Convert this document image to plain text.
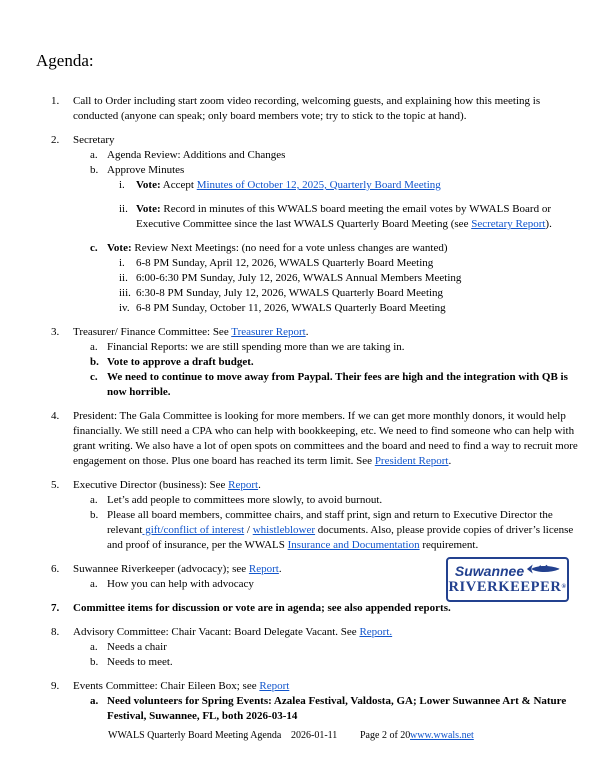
Agenda:
1.	Call to Order including start zoom video recording, welcoming guests, and explaining how this meeting is conducted (anyone can speak; only board members vote; try to stick to the topic at hand).
2.	Secretary
a. Agenda Review: Additions and Changes
b. Approve Minutes
i.	Vote: Accept Minutes of October 12, 2025, Quarterly Board Meeting
ii. Vote: Record in minutes of this WWALS board meeting the email votes by WWALS Board or Executive Committee since the last WWALS Quarterly Board Meeting (see Secretary Report).
c. Vote: Review Next Meetings: (no need for a vote unless changes are wanted)
i.	6-8 PM Sunday, April 12, 2026, WWALS Quarterly Board Meeting
ii. 6:00-6:30 PM Sunday, July 12, 2026, WWALS Annual Members Meeting
iii. 6:30-8 PM Sunday, July 12, 2026, WWALS Quarterly Board Meeting
iv. 6-8 PM Sunday, October 11, 2026, WWALS Quarterly Board Meeting
3.	Treasurer/ Finance Committee: See Treasurer Report.
a. Financial Reports: we are still spending more than we are taking in.
b. Vote to approve a draft budget.
c. We need to continue to move away from Paypal. Their fees are high and the integration with QB is now horrible.
4.	President: The Gala Committee is looking for more members. If we can get more monthly donors, it would help financially. We still need a CPA who can help with bookkeeping, etc. We need to find someone who can help with grant writing. We also have a lot of open spots on committees and the board and need to find a way to recruit more engagement on those. Plus one board has reached its term limit. See President Report.
5.	Executive Director (business): See Report.
a. Let’s add people to committees more slowly, to avoid burnout.
b. Please all board members, committee chairs, and staff print, sign and return to Executive Director the relevant gift/conflict of interest / whistleblower documents. Also, please provide copies of driver’s license and proof of insurance, per the WWALS Insurance and Documentation requirement.
6.	Suwannee Riverkeeper (advocacy); see Report.
a. How you can help with advocacy
7.	Committee items for discussion or vote are in agenda; see also appended reports.
8.	Advisory Committee: Chair Vacant: Board Delegate Vacant. See Report.
a. Needs a chair
b. Needs to meet.
9.	Events Committee: Chair Eileen Box; see Report
a. Need volunteers for Spring Events: Azalea Festival, Valdosta, GA; Lower Suwannee Art & Nature Festival, Suwannee, FL, both 2026-03-14
Suwannee
RIVERKEEPER®
WWALS Quarterly Board Meeting Agenda 2026-01-11 Page 2 of 20 www.wwals.net
